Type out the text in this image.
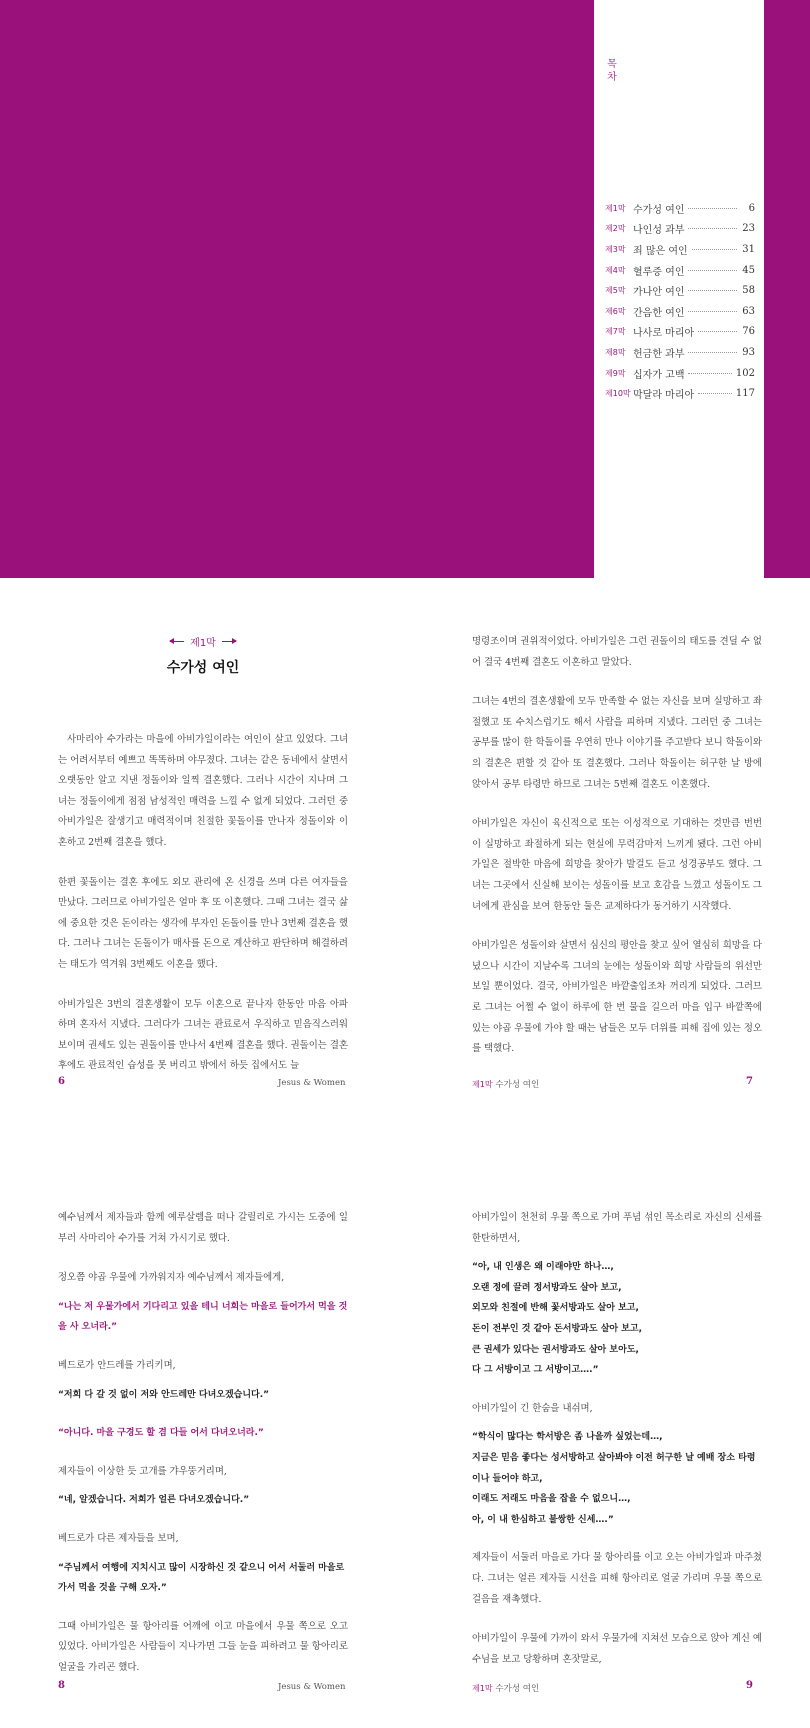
목
차
제1막 수가성 여인	6
제2막 나인성 과부	23
제3막 죄 많은 여인	31
제4막 혈루증 여인	45
제5막 가나안 여인	58
제6막 간음한 여인	63
제7막 나사로 마리아	76
제8막 헌금한 과부	93
제9막 십자가 고백	102
제10막 막달라 마리아	117
제1막
수가성 여인

사마리아 수가라는 마을에 아비가일이라는 여인이 살고 있었다. 그녀는 어려서부터 예쁘고 똑똑하며 야무졌다. 그녀는 같은 동네에서 살면서 오랫동안 알고 지낸 정돌이와 일찍 결혼했다. 그러나 시간이 지나며 그녀는 정돌이에게 점점 남성적인 매력을 느낄 수 없게 되었다. 그러던 중 아비가일은 잘생기고 매력적이며 친절한 꽃돌이를 만나자 정돌이와 이혼하고 2번째 결혼을 했다.

한편 꽃돌이는 결혼 후에도 외모 관리에 온 신경을 쓰며 다른 여자들을 만났다. 그러므로 아비가일은 얼마 후 또 이혼했다. 그때 그녀는 결국 삶에 중요한 것은 돈이라는 생각에 부자인 돈돌이를 만나 3번째 결혼을 했다. 그러나 그녀는 돈돌이가 매사를 돈으로 계산하고 판단하며 해결하려는 태도가 역겨워 3번째도 이혼을 했다.

아비가일은 3번의 결혼생활이 모두 이혼으로 끝나자 한동안 마음 아파하며 혼자서 지냈다. 그러다가 그녀는 관료로서 우직하고 믿음직스러워 보이며 권세도 있는 권돌이를 만나서 4번째 결혼을 했다. 권돌이는 결혼 후에도 관료적인 습성을 못 버리고 밖에서 하듯 집에서도 늘

6	Jesus & Women

명령조이며 권위적이었다. 아비가일은 그런 권돌이의 태도를 견딜 수 없어 결국 4번째 결혼도 이혼하고 말았다.

그녀는 4번의 결혼생활에 모두 만족할 수 없는 자신을 보며 실망하고 좌절했고 또 수치스럽기도 해서 사람을 피하며 지냈다. 그러던 중 그녀는 공부를 많이 한 학돌이를 우연히 만나 이야기를 주고받다 보니 학돌이와의 결혼은 편할 것 같아 또 결혼했다. 그러나 학돌이는 허구한 날 방에 앉아서 공부 타령만 하므로 그녀는 5번째 결혼도 이혼했다.

아비가일은 자신이 육신적으로 또는 이성적으로 기대하는 것만큼 번번이 실망하고 좌절하게 되는 현실에 무력감마저 느끼게 됐다. 그런 아비가일은 절박한 마음에 희망을 찾아가 발걸도 듣고 성경공부도 했다. 그녀는 그곳에서 신실해 보이는 성돌이를 보고 호감을 느꼈고 성돌이도 그녀에게 관심을 보여 한동안 둘은 교제하다가 동거하기 시작했다.

아비가일은 성돌이와 살면서 심신의 평안을 찾고 싶어 열심히 희망을 다녔으나 시간이 지날수록 그녀의 눈에는 성돌이와 희망 사람들의 위선만 보일 뿐이었다. 결국, 아비가일은 바깥출입조차 꺼리게 되었다. 그러므로 그녀는 어쩔 수 없이 하루에 한 번 물을 길으러 마을 입구 바깥쪽에 있는 야곱 우물에 가야 할 때는 남들은 모두 더위를 피해 집에 있는 정오를 택했다.

제1막 수가성 여인	7

예수님께서 제자들과 함께 예루살렘을 떠나 갈릴리로 가시는 도중에 일부러 사마리아 수가를 거쳐 가시기로 했다.

정오쯤 야곱 우물에 가까워지자 예수님께서 제자들에게,

“나는 저 우물가에서 기다리고 있을 테니 너희는 마을로 들어가서 먹을 것을 사 오너라.”

베드로가 안드레를 가리키며,

“저희 다 갈 것 없이 저와 안드레만 다녀오겠습니다.”
“아니다. 마을 구경도 할 겸 다들 어서 다녀오너라.”

제자들이 이상한 듯 고개를 갸우뚱거리며,

“네, 알겠습니다. 저희가 얼른 다녀오겠습니다.”

베드로가 다른 제자들을 보며,

“주님께서 여행에 지치시고 많이 시장하신 것 같으니 어서 서둘러 마을로 가서 먹을 것을 구해 오자.”

그때 아비가일은 물 항아리를 어깨에 이고 마을에서 우물 쪽으로 오고 있었다. 아비가일은 사람들이 지나가면 그들 눈을 피하려고 물 항아리로 얼굴을 가리곤 했다.

8	Jesus & Women

아비가일이 천천히 우물 쪽으로 가며 푸념 섞인 목소리로 자신의 신세를 한탄하면서,

“아, 내 인생은 왜 이래야만 하나…,
오랜 정에 끌려 정서방과도 살아 보고,
외모와 친절에 반해 꽃서방과도 살아 보고,
돈이 전부인 것 같아 돈서방과도 살아 보고,
큰 권세가 있다는 권서방과도 살아 보아도,
다 그 서방이고 그 서방이고….”

아비가일이 긴 한숨을 내쉬며,

“학식이 많다는 학서방은 좀 나을까 싶었는데…,
지금은 믿음 좋다는 성서방하고 살아봐야 이전 허구한 날 예배 장소 타령이나 들어야 하고,
이래도 저래도 마음을 잡을 수 없으니…,
아, 이 내 한심하고 불쌍한 신세….”

제자들이 서둘러 마을로 가다 물 항아리를 이고 오는 아비가일과 마주쳤다. 그녀는 얼른 제자들 시선을 피해 항아리로 얼굴 가리며 우물 쪽으로 걸음을 재촉했다.

아비가일이 우물에 가까이 와서 우물가에 지쳐선 모습으로 앉아 계신 예수님을 보고 당황하며 혼잣말로,

제1막 수가성 여인	9
